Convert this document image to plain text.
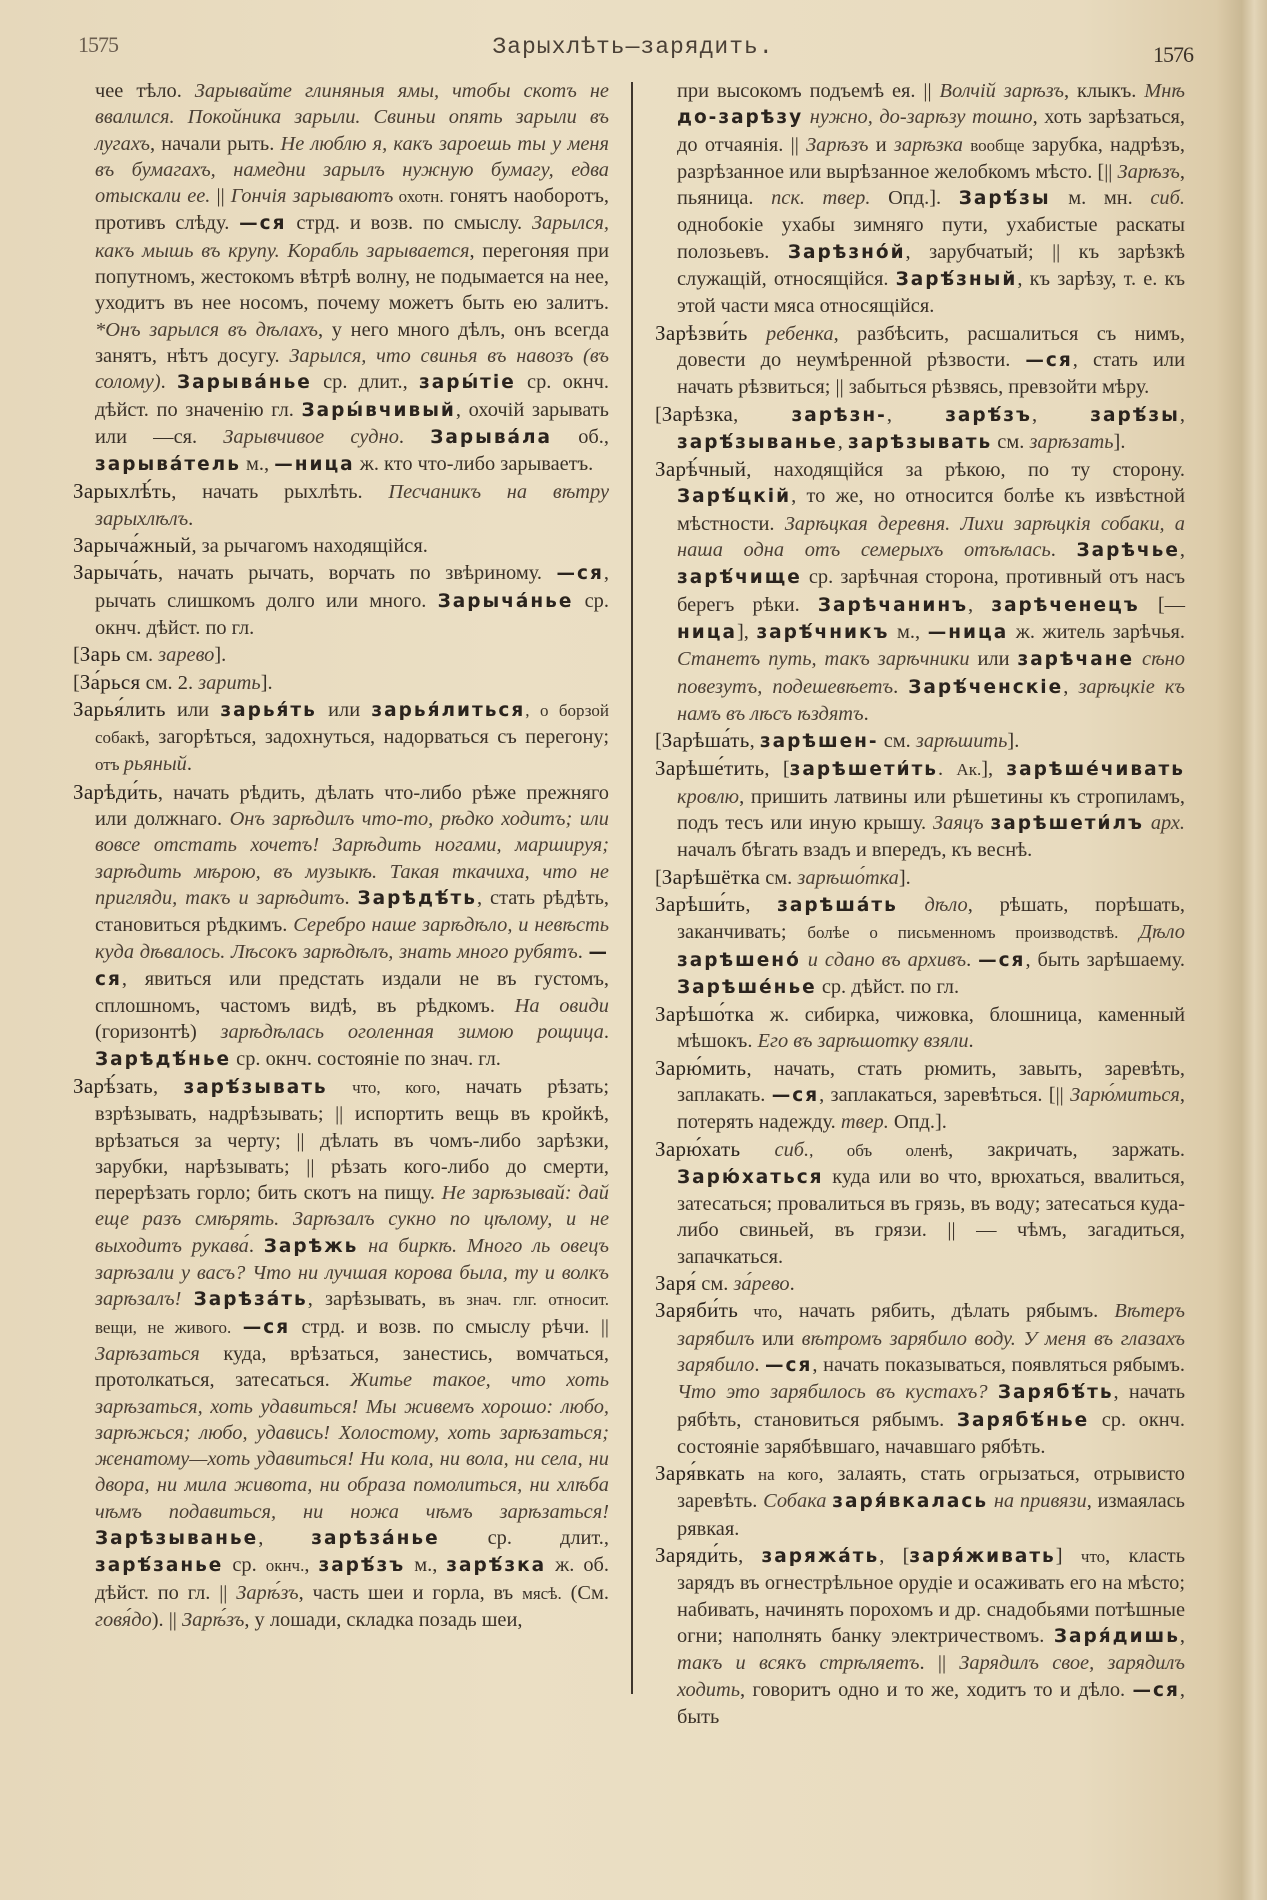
1575	Зарыхлѣть—зарядить.	1576

чее тѣло. Зарывайте глиняныя ямы, чтобы скотъ не ввалился. Покойника зарыли. Свиньи опять зарыли въ лугахъ, начали рыть. Не люблю я, какъ зароешь ты у меня въ бумагахъ, намедни зарылъ нужную бумагу, едва отыскали ее. || Гончія зарываютъ охотн. гонятъ наоборотъ, противъ слѣду. —ся стрд. и возв. по смыслу. Зарылся, какъ мышь въ крупу. Корабль зарывается, перегоняя при попутномъ, жестокомъ вѣтрѣ волну, не подымается на нее, уходитъ въ нее носомъ, почему можетъ быть ею залитъ. *Онъ зарылся въ дѣлахъ, у него много дѣлъ, онъ всегда занятъ, нѣтъ досугу. Зарылся, что свинья въ навозъ (въ солому). Зарыва́нье ср. длит., зары́тіе ср. окнч. дѣйст. по значенію гл. Зары́вчивый, охочій зарывать или —ся. Зарывчивое судно. Зарыва́ла об., зарыва́тель м., —ница ж. кто что-либо зарываетъ.

Зарыхлѣ́ть, начать рыхлѣть. Песчаникъ на вѣтру зарыхлѣлъ.

Зарыча́жный, за рычагомъ находящійся.

Зарыча́ть, начать рычать, ворчать по звѣриному. —ся, рычать слишкомъ долго или много. Зарыча́нье ср. окнч. дѣйст. по гл.

[Зарь см. зарево].

[За́рься см. 2. зарить].

Зарья́лить или зарья́ть или зарья́литься, о борзой собакѣ, загорѣться, задохнуться, надорваться съ перегону; отъ рьяный.

Зарѣди́ть, начать рѣдить, дѣлать что-либо рѣже прежняго или должнаго. Онъ зарѣдилъ что-то, рѣдко ходитъ; или вовсе отстать хочетъ! Зарѣдить ногами, маршируя; зарѣдить мѣрою, въ музыкѣ. Такая ткачиха, что не пригляди, такъ и зарѣдитъ. Зарѣдѣ́ть, стать рѣдѣть, становиться рѣдкимъ. Серебро наше зарѣдѣло, и невѣсть куда дѣвалось. Лѣсокъ зарѣдѣлъ, знать много рубятъ. —ся, явиться или предстать издали не въ густомъ, сплошномъ, частомъ видѣ, въ рѣдкомъ. На овиди (горизонтѣ) зарѣдѣлась оголенная зимою рощица. Зарѣдѣ́нье ср. окнч. состояніе по знач. гл.

Зарѣ́зать, зарѣ́зывать что, кого, начать рѣзать; взрѣзывать, надрѣзывать; || испортить вещь въ кройкѣ, врѣзаться за черту; || дѣлать въ чомъ-либо зарѣзки, зарубки, нарѣзывать; || рѣзать кого-либо до смерти, перерѣзать горло; бить скотъ на пищу. Не зарѣзывай: дай еще разъ смѣрять. Зарѣзалъ сукно по цѣлому, и не выходитъ рукава́. Зарѣжь на биркѣ. Много ль овецъ зарѣзали у васъ? Что ни лучшая корова была, ту и волкъ зарѣзалъ! Зарѣза́ть, зарѣзывать, въ знач. глг. относит. вещи, не живого. —ся стрд. и возв. по смыслу рѣчи. || Зарѣзаться куда, врѣзаться, занестись, вомчаться, протолкаться, затесаться. Житье такое, что хоть зарѣзаться, хоть удавиться! Мы живемъ хорошо: любо, зарѣжься; любо, удавись! Холостому, хоть зарѣзаться; женатому—хоть удавиться! Ни кола, ни вола, ни села, ни двора, ни мила живота, ни образа помолиться, ни хлѣба чѣмъ подавиться, ни ножа чѣмъ зарѣзаться! Зарѣзыванье, зарѣза́нье ср. длит., зарѣ́занье ср. окнч., зарѣ́зъ м., зарѣ́зка ж. об. дѣйст. по гл. || Зарѣ́зъ, часть шеи и горла, въ мясѣ. (См. говя́до). || Зарѣ́зъ, у лошади, складка позадь шеи,

при высокомъ подъемѣ ея. || Волчій зарѣзъ, клыкъ. Мнѣ до-зарѣзу нужно, до-зарѣзу тошно, хоть зарѣзаться, до отчаянія. || Зарѣзъ и зарѣзка вообще зарубка, надрѣзъ, разрѣзанное или вырѣзанное желобкомъ мѣсто. [|| Зарѣзъ, пьяница. пск. твер. Опд.]. Зарѣ́зы м. мн. сиб. однобокіе ухабы зимняго пути, ухабистые раскаты полозьевъ. Зарѣзно́й, зарубчатый; || къ зарѣзкѣ служащій, относящійся. Зарѣ́зный, къ зарѣзу, т. е. къ этой части мяса относящійся.

Зарѣзви́ть ребенка, разбѣсить, расшалиться съ нимъ, довести до неумѣренной рѣзвости. —ся, стать или начать рѣзвиться; || забыться рѣзвясь, превзойти мѣру.

[Зарѣзка, зарѣзн-, зарѣ́зъ, зарѣ́зы, зарѣ́зыванье, зарѣзывать см. зарѣзать].

Зарѣ́чный, находящійся за рѣкою, по ту сторону. Зарѣ́цкій, то же, но относится болѣе къ извѣстной мѣстности. Зарѣцкая деревня. Лихи зарѣцкія собаки, а наша одна отъ семерыхъ отъѣлась. Зарѣчье, зарѣ́чище ср. зарѣчная сторона, противный отъ насъ берегъ рѣки. Зарѣчанинъ, зарѣченецъ [—ница], зарѣ́чникъ м., —ница ж. житель зарѣчья. Станетъ путь, такъ зарѣчники или зарѣчане сѣно повезутъ, подешевѣетъ. Зарѣ́ченскіе, зарѣцкіе къ намъ въ лѣсъ ѣздятъ.

[Зарѣша́ть, зарѣшен- см. зарѣшить].

Зарѣше́тить, [зарѣшети́ть. Ак.], зарѣше́чивать кровлю, пришить латвины или рѣшетины къ стропиламъ, подъ тесъ или иную крышу. Заяцъ зарѣшети́лъ арх. началъ бѣгать взадъ и впередъ, къ веснѣ.

[Зарѣшётка см. зарѣшо́тка].

Зарѣши́ть, зарѣша́ть дѣло, рѣшать, порѣшать, заканчивать; болѣе о письменномъ производствѣ. Дѣло зарѣшено́ и сдано въ архивъ. —ся, быть зарѣшаему. Зарѣше́нье ср. дѣйст. по гл.

Зарѣшо́тка ж. сибирка, чижовка, блошница, каменный мѣшокъ. Его въ зарѣшотку взяли.

Зарю́мить, начать, стать рюмить, завыть, заревѣть, заплакать. —ся, заплакаться, заревѣться. [|| Зарю́миться, потерять надежду. твер. Опд.].

Зарю́хать сиб., объ оленѣ, закричать, заржать. Зарю́хаться куда или во что, врюхаться, ввалиться, затесаться; провалиться въ грязь, въ воду; затесаться куда-либо свиньей, въ грязи. || — чѣмъ, загадиться, запачкаться.

Заря́ см. за́рево.

Заряби́ть что, начать рябить, дѣлать рябымъ. Вѣтеръ зарябилъ или вѣтромъ зарябило воду. У меня въ глазахъ зарябило. —ся, начать показываться, появляться рябымъ. Что это зарябилось въ кустахъ? Зарябѣ́ть, начать рябѣть, становиться рябымъ. Зарябѣ́нье ср. окнч. состояніе зарябѣвшаго, начавшаго рябѣть.

Заря́вкать на кого, залаять, стать огрызаться, отрывисто заревѣть. Собака заря́вкалась на привязи, измаялась рявкая.

Заряди́ть, заряжа́ть, [заря́живать] что, класть зарядъ въ огнестрѣльное орудіе и осаживать его на мѣсто; набивать, начинять порохомъ и др. снадобьями потѣшные огни; наполнять банку электричествомъ. Заря́дишь, такъ и всякъ стрѣляетъ. || Зарядилъ свое, зарядилъ ходить, говоритъ одно и то же, ходитъ то и дѣло. —ся, быть
